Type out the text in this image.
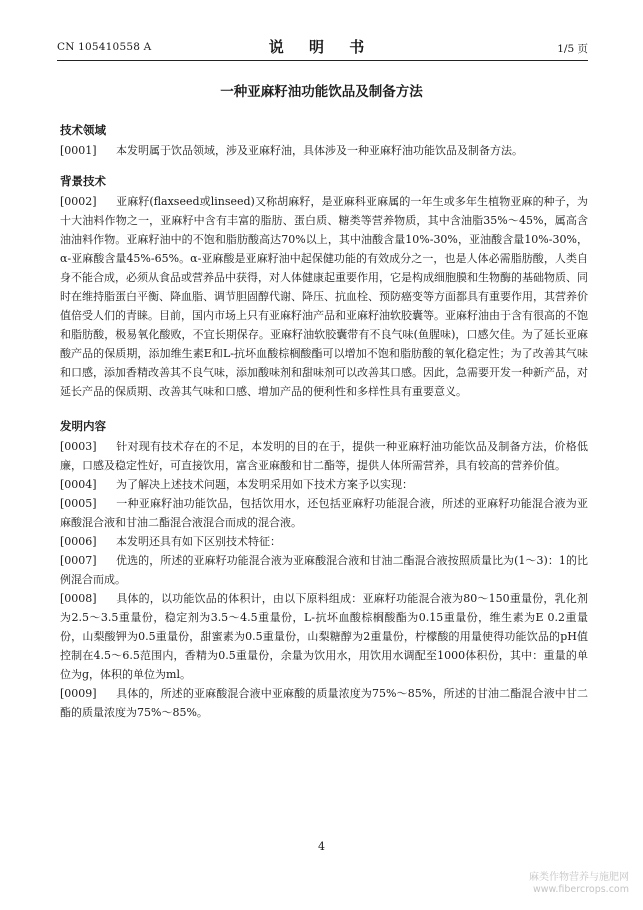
CN 105410558 A	说 明 书	1/5 页
一种亚麻籽油功能饮品及制备方法
技术领域

[0001] 本发明属于饮品领域，涉及亚麻籽油，具体涉及一种亚麻籽油功能饮品及制备方法。

背景技术

[0002] 亚麻籽(flaxseed或linseed)又称胡麻籽，是亚麻科亚麻属的一年生或多年生植物亚麻的种子，为十大油料作物之一，亚麻籽中含有丰富的脂肪、蛋白质、糖类等营养物质，其中含油脂35%～45%，属高含油油料作物。亚麻籽油中的不饱和脂肪酸高达70%以上，其中油酸含量10%-30%，亚油酸含量10%-30%，α-亚麻酸含量45%-65%。α-亚麻酸是亚麻籽油中起保健功能的有效成分之一，也是人体必需脂肪酸，人类自身不能合成，必须从食品或营养品中获得，对人体健康起重要作用，它是构成细胞膜和生物酶的基础物质、同时在维持脂蛋白平衡、降血脂、调节胆固醇代谢、降压、抗血栓、预防癌变等方面都具有重要作用，其营养价值倍受人们的青睐。目前，国内市场上只有亚麻籽油产品和亚麻籽油软胶囊等。亚麻籽油由于含有很高的不饱和脂肪酸，极易氧化酸败，不宜长期保存。亚麻籽油软胶囊带有不良气味(鱼腥味)，口感欠佳。为了延长亚麻酸产品的保质期，添加维生素E和L-抗坏血酸棕榈酸酯可以增加不饱和脂肪酸的氧化稳定性；为了改善其气味和口感，添加香精改善其不良气味，添加酸味剂和甜味剂可以改善其口感。因此，急需要开发一种新产品，对延长产品的保质期、改善其气味和口感、增加产品的便利性和多样性具有重要意义。

发明内容

[0003] 针对现有技术存在的不足，本发明的目的在于，提供一种亚麻籽油功能饮品及制备方法，价格低廉，口感及稳定性好，可直接饮用，富含亚麻酸和甘二酯等，提供人体所需营养，具有较高的营养价值。

[0004] 为了解决上述技术问题，本发明采用如下技术方案予以实现：

[0005] 一种亚麻籽油功能饮品，包括饮用水，还包括亚麻籽功能混合液，所述的亚麻籽功能混合液为亚麻酸混合液和甘油二酯混合液混合而成的混合液。

[0006] 本发明还具有如下区别技术特征：

[0007] 优选的，所述的亚麻籽功能混合液为亚麻酸混合液和甘油二酯混合液按照质量比为(1～3)：1的比例混合而成。

[0008] 具体的，以功能饮品的体积计，由以下原料组成：亚麻籽功能混合液为80～150重量份，乳化剂为2.5～3.5重量份，稳定剂为3.5～4.5重量份，L-抗坏血酸棕榈酸酯为0.15重量份，维生素为E 0.2重量份，山梨酸钾为0.5重量份，甜蜜素为0.5重量份，山梨糖醇为2重量份，柠檬酸的用量使得功能饮品的pH值控制在4.5～6.5范围内，香精为0.5重量份，余量为饮用水，用饮用水调配至1000体积份，其中：重量的单位为g，体积的单位为ml。

[0009] 具体的，所述的亚麻酸混合液中亚麻酸的质量浓度为75%～85%，所述的甘油二酯混合液中甘二酯的质量浓度为75%～85%。

4
麻类作物营养与施肥网
www.fibercrops.com
